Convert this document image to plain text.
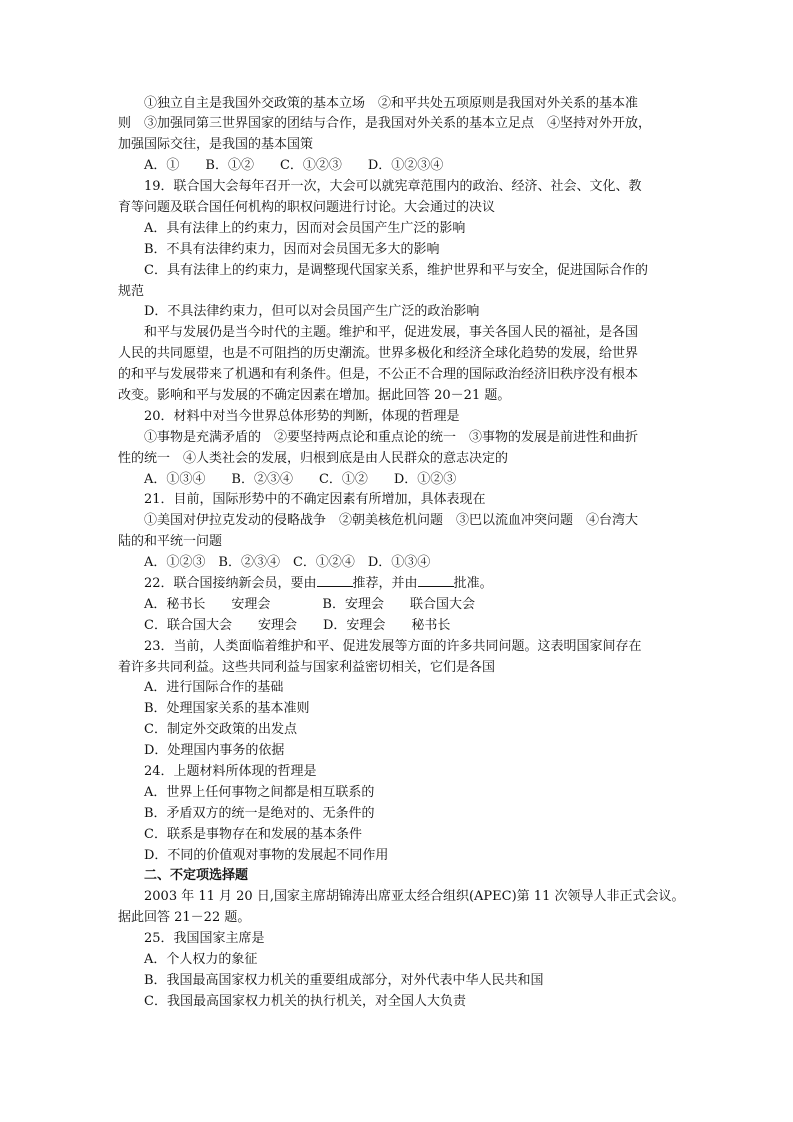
①独立自主是我国外交政策的基本立场　②和平共处五项原则是我国对外关系的基本准
则　③加强同第三世界国家的团结与合作，是我国对外关系的基本立足点　④坚持对外开放，
加强国际交往，是我国的基本国策
A．①　　B．①②　　C．①②③　　D．①②③④
19．联合国大会每年召开一次，大会可以就宪章范围内的政治、经济、社会、文化、教
育等问题及联合国任何机构的职权问题进行讨论。大会通过的决议
A．具有法律上的约束力，因而对会员国产生广泛的影响
B．不具有法律约束力，因而对会员国无多大的影响
C．具有法律上的约束力，是调整现代国家关系，维护世界和平与安全，促进国际合作的
规范
D．不具法律约束力，但可以对会员国产生广泛的政治影响
和平与发展仍是当今时代的主题。维护和平，促进发展，事关各国人民的福祉，是各国
人民的共同愿望，也是不可阻挡的历史潮流。世界多极化和经济全球化趋势的发展，给世界
的和平与发展带来了机遇和有利条件。但是，不公正不合理的国际政治经济旧秩序没有根本
改变。影响和平与发展的不确定因素在增加。据此回答 20－21 题。
20．材料中对当今世界总体形势的判断，体现的哲理是
①事物是充满矛盾的　②要坚持两点论和重点论的统一　③事物的发展是前进性和曲折
性的统一　④人类社会的发展，归根到底是由人民群众的意志决定的
A．①③④　　B．②③④　　C．①②　　D．①②③
21．目前，国际形势中的不确定因素有所增加，具体表现在
①美国对伊拉克发动的侵略战争　②朝美核危机问题　③巴以流血冲突问题　④台湾大
陆的和平统一问题
A．①②③　B．②③④　C．①②④　D．①③④
22．联合国接纳新会员，要由	推荐，并由	批准。
A．秘书长　　安理会　　　　B．安理会　　联合国大会
C．联合国大会　　安理会　　D．安理会　　秘书长
23．当前，人类面临着维护和平、促进发展等方面的许多共同问题。这表明国家间存在
着许多共同利益。这些共同利益与国家利益密切相关，它们是各国
A．进行国际合作的基础
B．处理国家关系的基本准则
C．制定外交政策的出发点
D．处理国内事务的依据
24．上题材料所体现的哲理是
A．世界上任何事物之间都是相互联系的
B．矛盾双方的统一是绝对的、无条件的
C．联系是事物存在和发展的基本条件
D．不同的价值观对事物的发展起不同作用
二、不定项选择题
2003 年 11 月 20 日,国家主席胡锦涛出席亚太经合组织(APEC)第 11 次领导人非正式会议。
据此回答 21－22 题。
25．我国国家主席是
A．个人权力的象征
B．我国最高国家权力机关的重要组成部分，对外代表中华人民共和国
C．我国最高国家权力机关的执行机关，对全国人大负责
